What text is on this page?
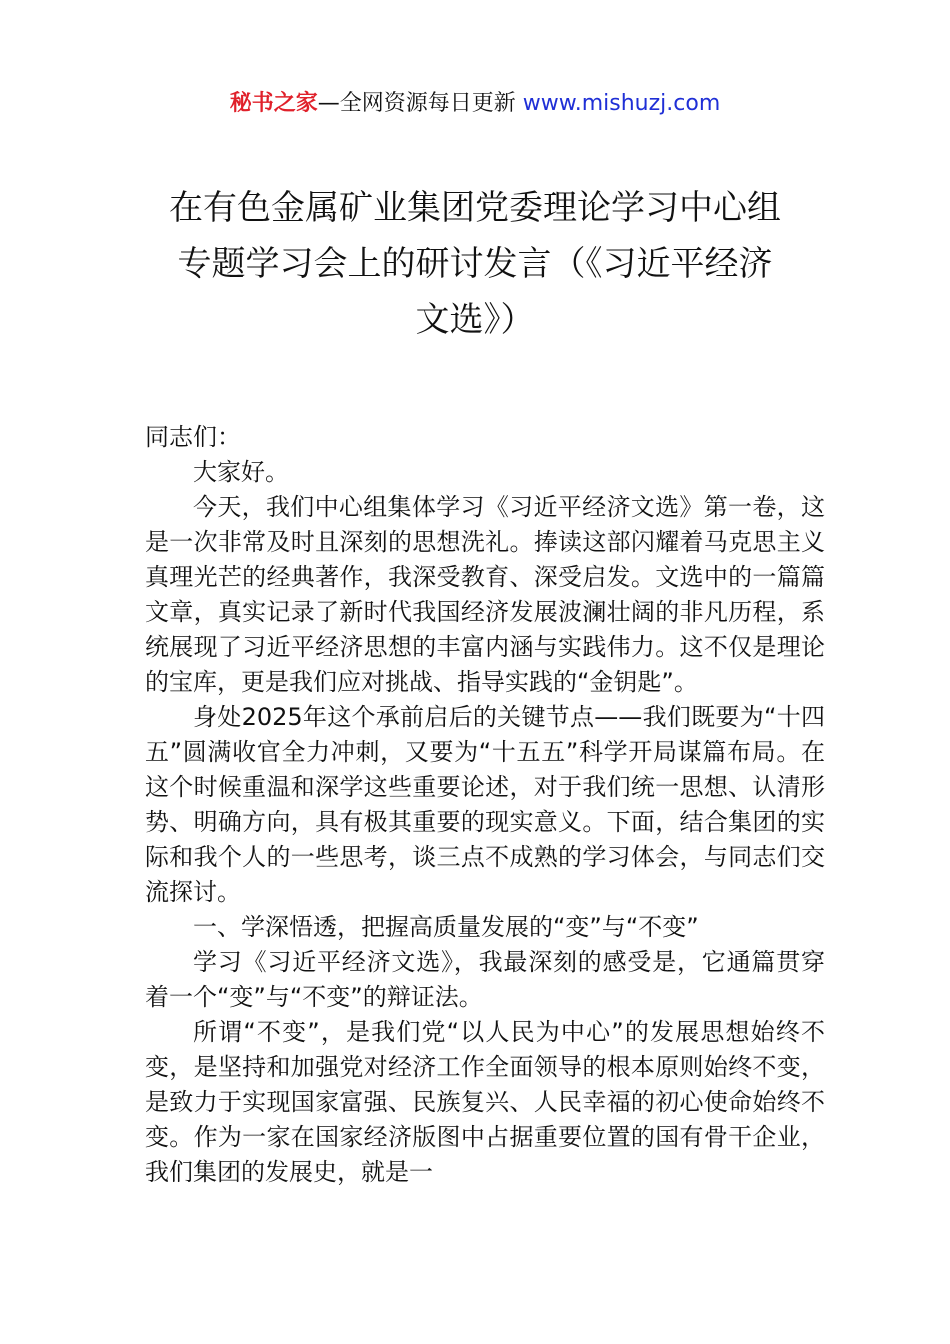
秘书之家—全网资源每日更新 www.mishuzj.com
在有色金属矿业集团党委理论学习中心组
专题学习会上的研讨发言（《习近平经济
文选》）

同志们：

大家好。

今天，我们中心组集体学习《习近平经济文选》第一卷，这是一次非常及时且深刻的思想洗礼。捧读这部闪耀着马克思主义真理光芒的经典著作，我深受教育、深受启发。文选中的一篇篇文章，真实记录了新时代我国经济发展波澜壮阔的非凡历程，系统展现了习近平经济思想的丰富内涵与实践伟力。这不仅是理论的宝库，更是我们应对挑战、指导实践的“金钥匙”。

身处2025年这个承前启后的关键节点——我们既要为“十四五”圆满收官全力冲刺，又要为“十五五”科学开局谋篇布局。在这个时候重温和深学这些重要论述，对于我们统一思想、认清形势、明确方向，具有极其重要的现实意义。下面，结合集团的实际和我个人的一些思考，谈三点不成熟的学习体会，与同志们交流探讨。

一、学深悟透，把握高质量发展的“变”与“不变”

学习《习近平经济文选》，我最深刻的感受是，它通篇贯穿着一个“变”与“不变”的辩证法。

所谓“不变”，是我们党“以人民为中心”的发展思想始终不变，是坚持和加强党对经济工作全面领导的根本原则始终不变，是致力于实现国家富强、民族复兴、人民幸福的初心使命始终不变。作为一家在国家经济版图中占据重要位置的国有骨干企业，我们集团的发展史，就是一
